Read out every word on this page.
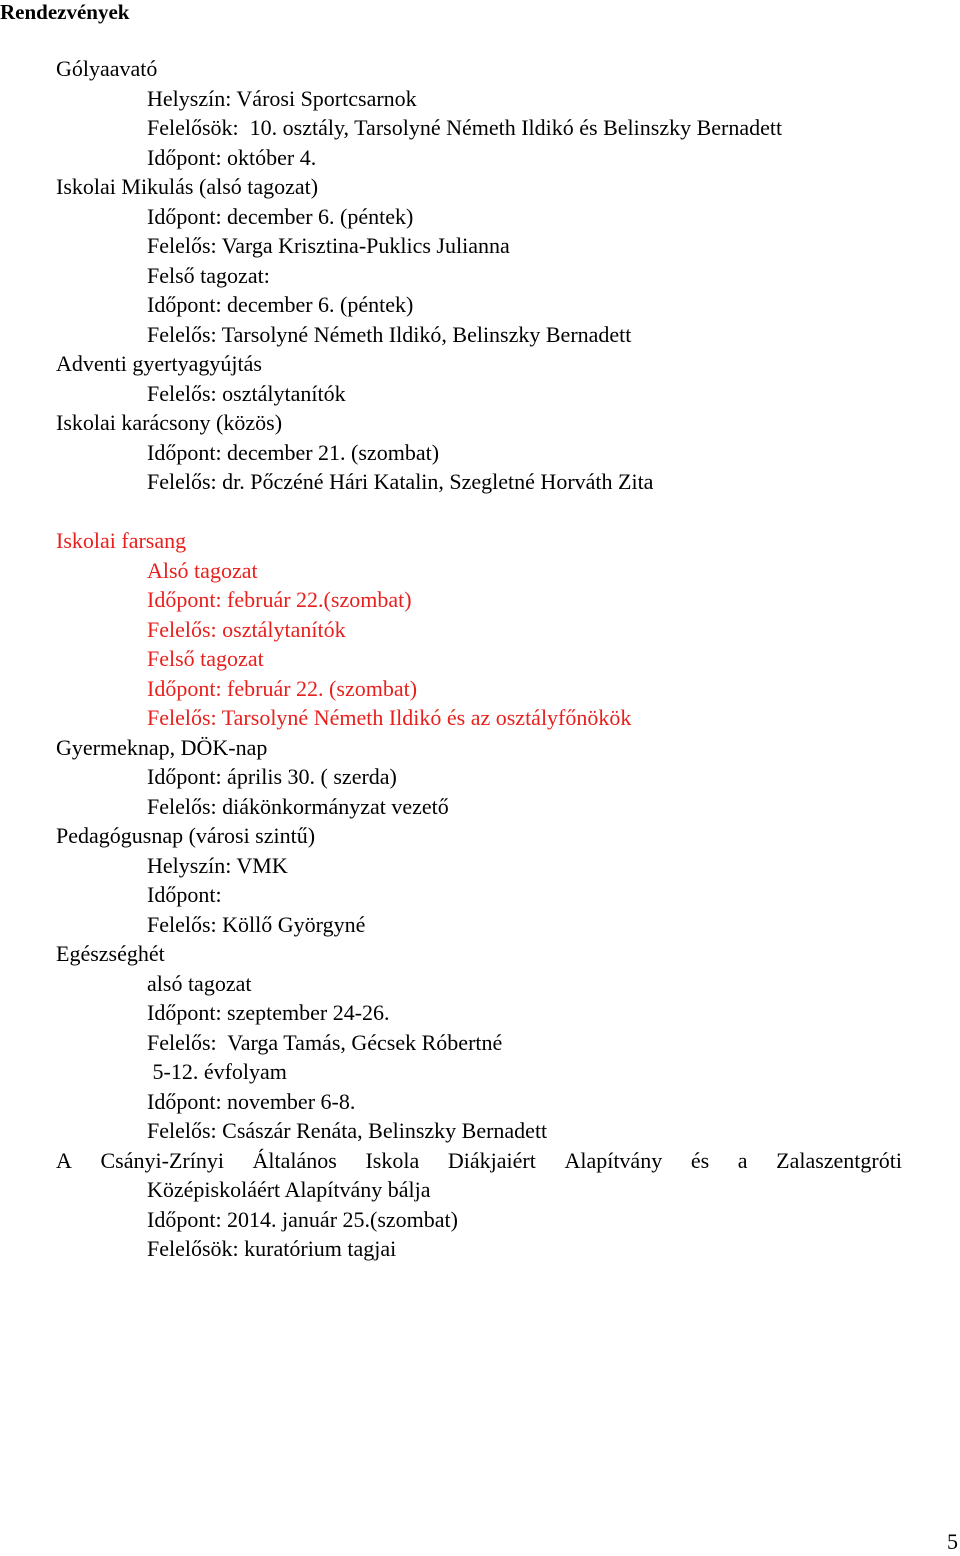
Rendezvények
Gólyaavató
Helyszín: Városi Sportcsarnok
Felelősök:  10. osztály, Tarsolyné Németh Ildikó és Belinszky Bernadett
Időpont: október 4.
Iskolai Mikulás (alsó tagozat)
Időpont: december 6. (péntek)
Felelős: Varga Krisztina-Puklics Julianna
Felső tagozat:
Időpont: december 6. (péntek)
Felelős: Tarsolyné Németh Ildikó, Belinszky Bernadett
Adventi gyertyagyújtás
Felelős: osztálytanítók
Iskolai karácsony (közös)
Időpont: december 21. (szombat)
Felelős: dr. Pőczéné Hári Katalin, Szegletné Horváth Zita
Iskolai farsang
Alsó tagozat
Időpont: február 22.(szombat)
Felelős: osztálytanítók
Felső tagozat
Időpont: február 22. (szombat)
Felelős: Tarsolyné Németh Ildikó és az osztályfőnökök
Gyermeknap, DÖK-nap
Időpont: április 30. ( szerda)
Felelős: diákönkormányzat vezető
Pedagógusnap (városi szintű)
Helyszín: VMK
Időpont:
Felelős: Köllő Györgyné
Egészséghét
alsó tagozat
Időpont: szeptember 24-26.
Felelős:  Varga Tamás, Gécsek Róbertné
5-12. évfolyam
Időpont: november 6-8.
Felelős: Császár Renáta, Belinszky Bernadett
A Csányi-Zrínyi Általános Iskola Diákjaiért Alapítvány és a Zalaszentgróti
Középiskoláért Alapítvány bálja
Időpont: 2014. január 25.(szombat)
Felelősök: kuratórium tagjai
5
